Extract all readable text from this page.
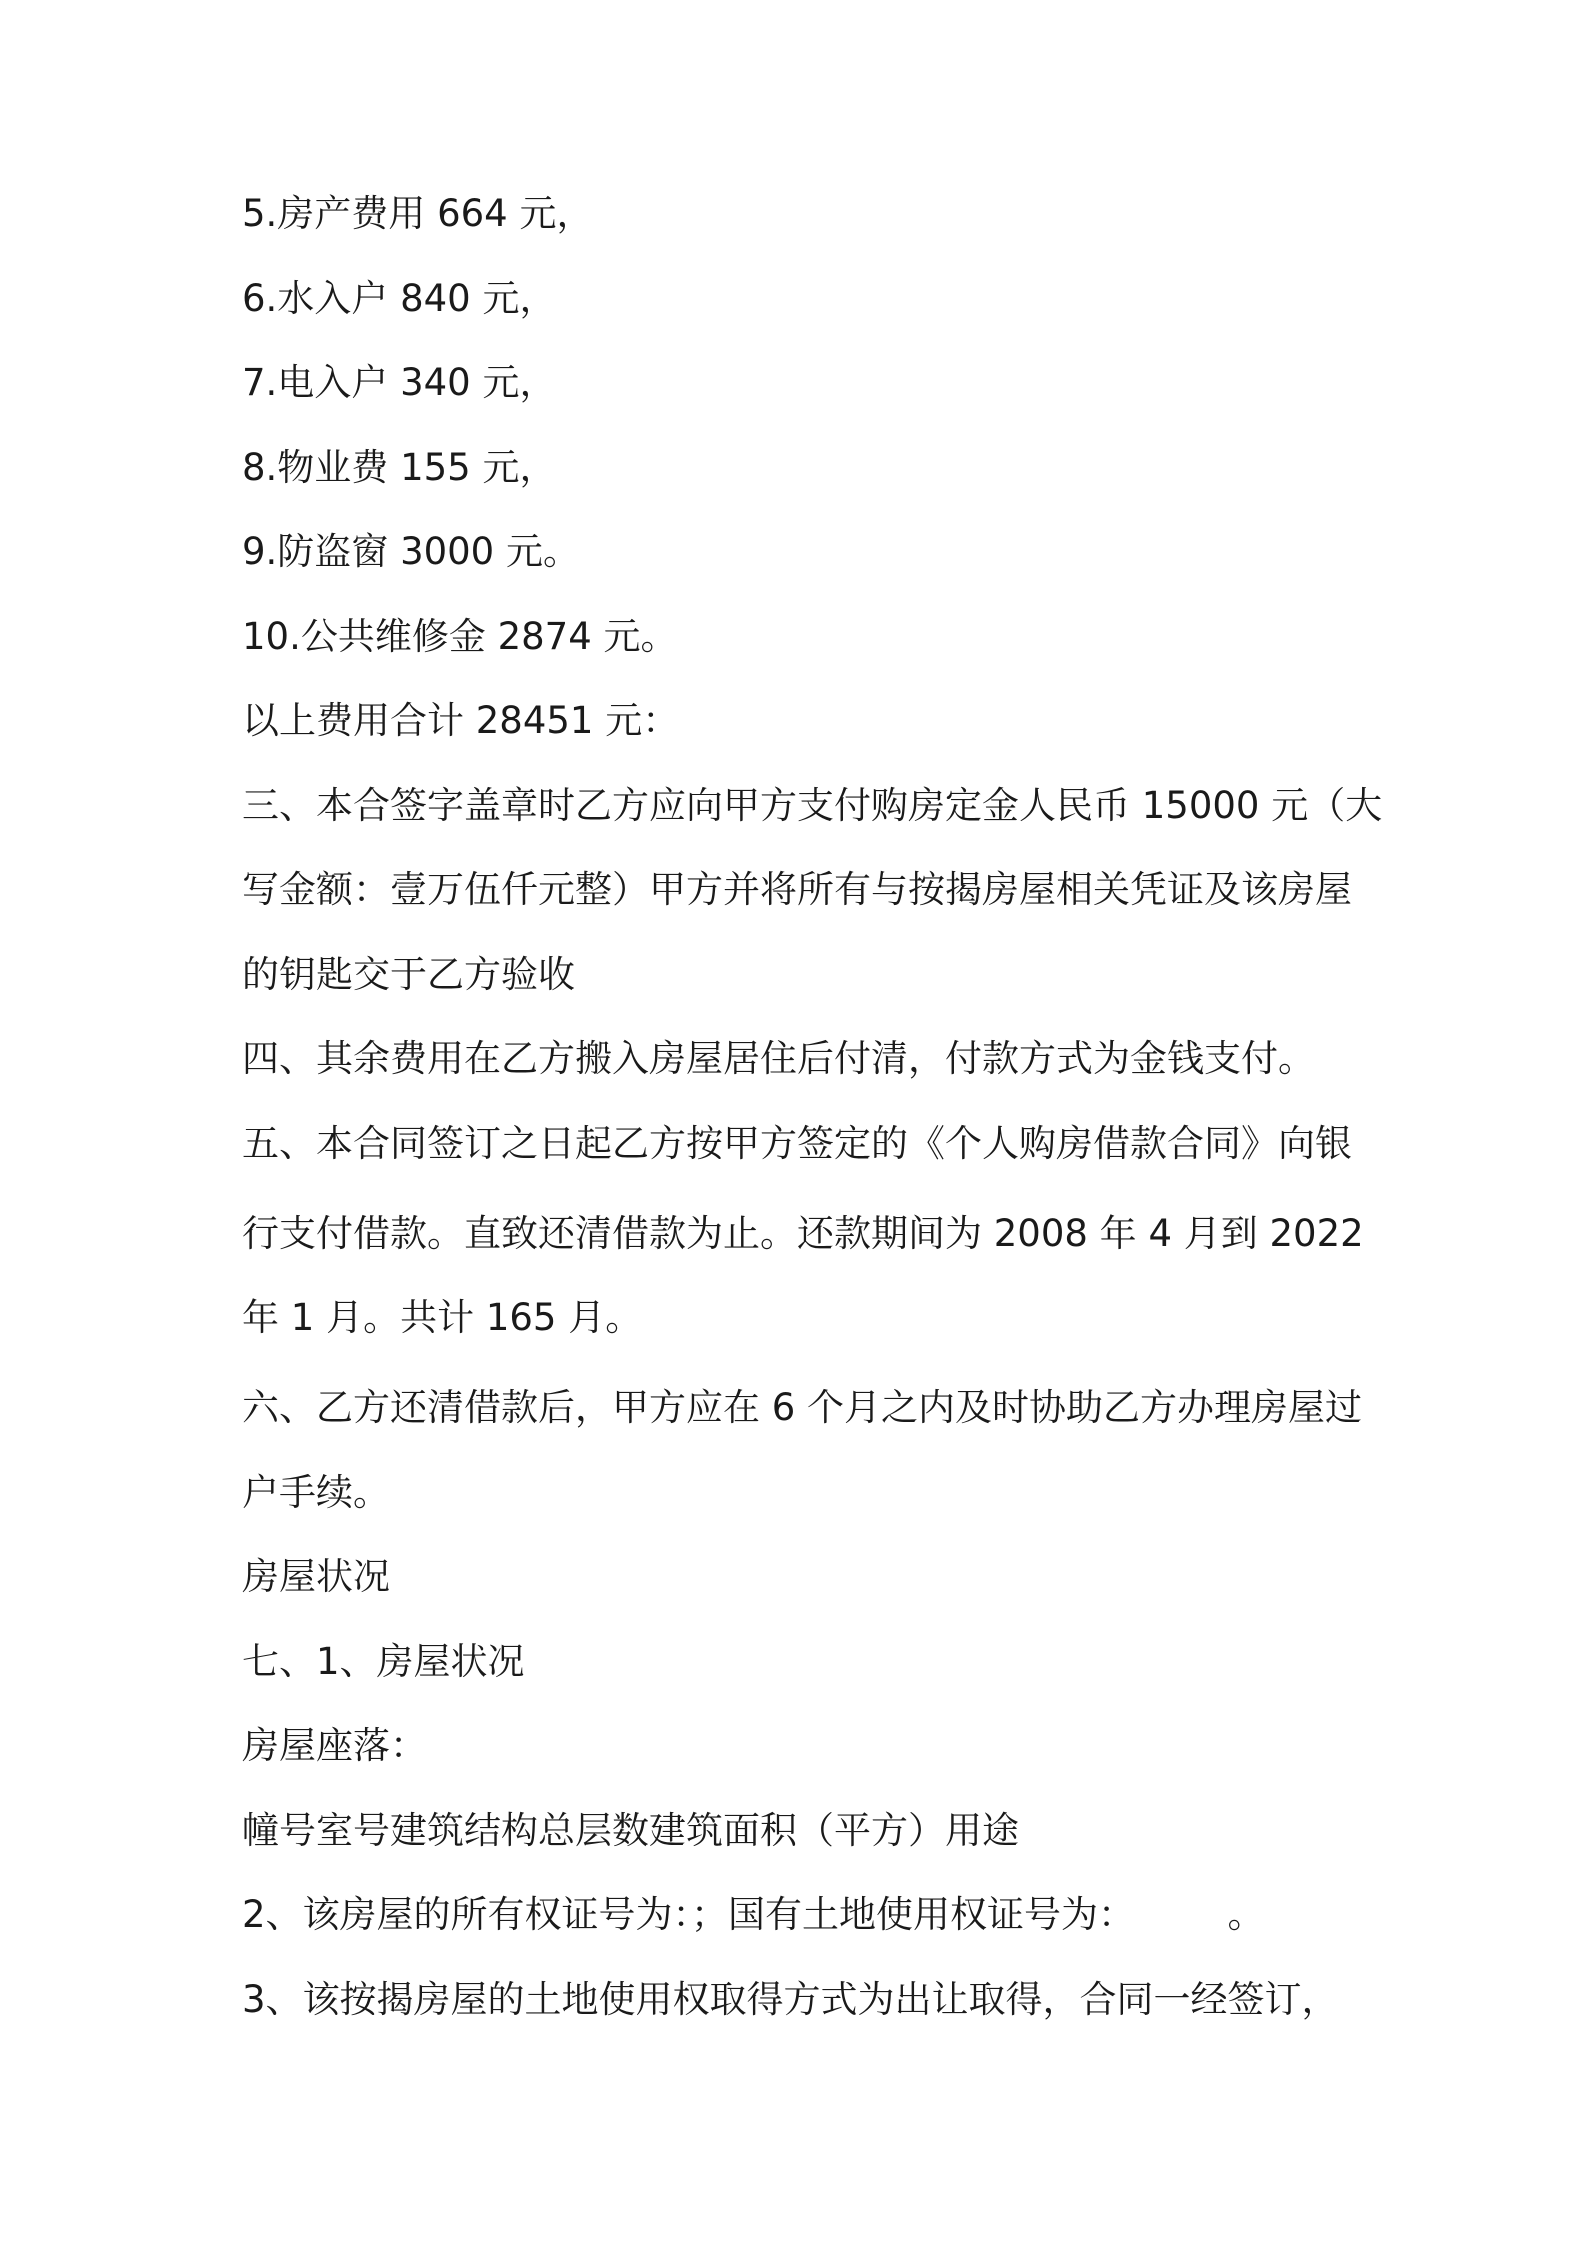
5.房产费用 664 元，
6.水入户 840 元，
7.电入户 340 元，
8.物业费 155 元，
9.防盗窗 3000 元。
10.公共维修金 2874 元。
以上费用合计 28451 元：
三、本合签字盖章时乙方应向甲方支付购房定金人民币 15000 元（大
写金额：壹万伍仟元整）甲方并将所有与按揭房屋相关凭证及该房屋
的钥匙交于乙方验收
四、其余费用在乙方搬入房屋居住后付清，付款方式为金钱支付。
五、本合同签订之日起乙方按甲方签定的《个人购房借款合同》向银
行支付借款。直致还清借款为止。还款期间为 2008 年 4 月到 2022
年 1 月。共计 165 月。
六、乙方还清借款后，甲方应在 6 个月之内及时协助乙方办理房屋过
户手续。
房屋状况
七、1、房屋状况
房屋座落：
幢号室号建筑结构总层数建筑面积（平方）用途
2、该房屋的所有权证号为：；国有土地使用权证号为：　　　。
3、该按揭房屋的土地使用权取得方式为出让取得，合同一经签订，
